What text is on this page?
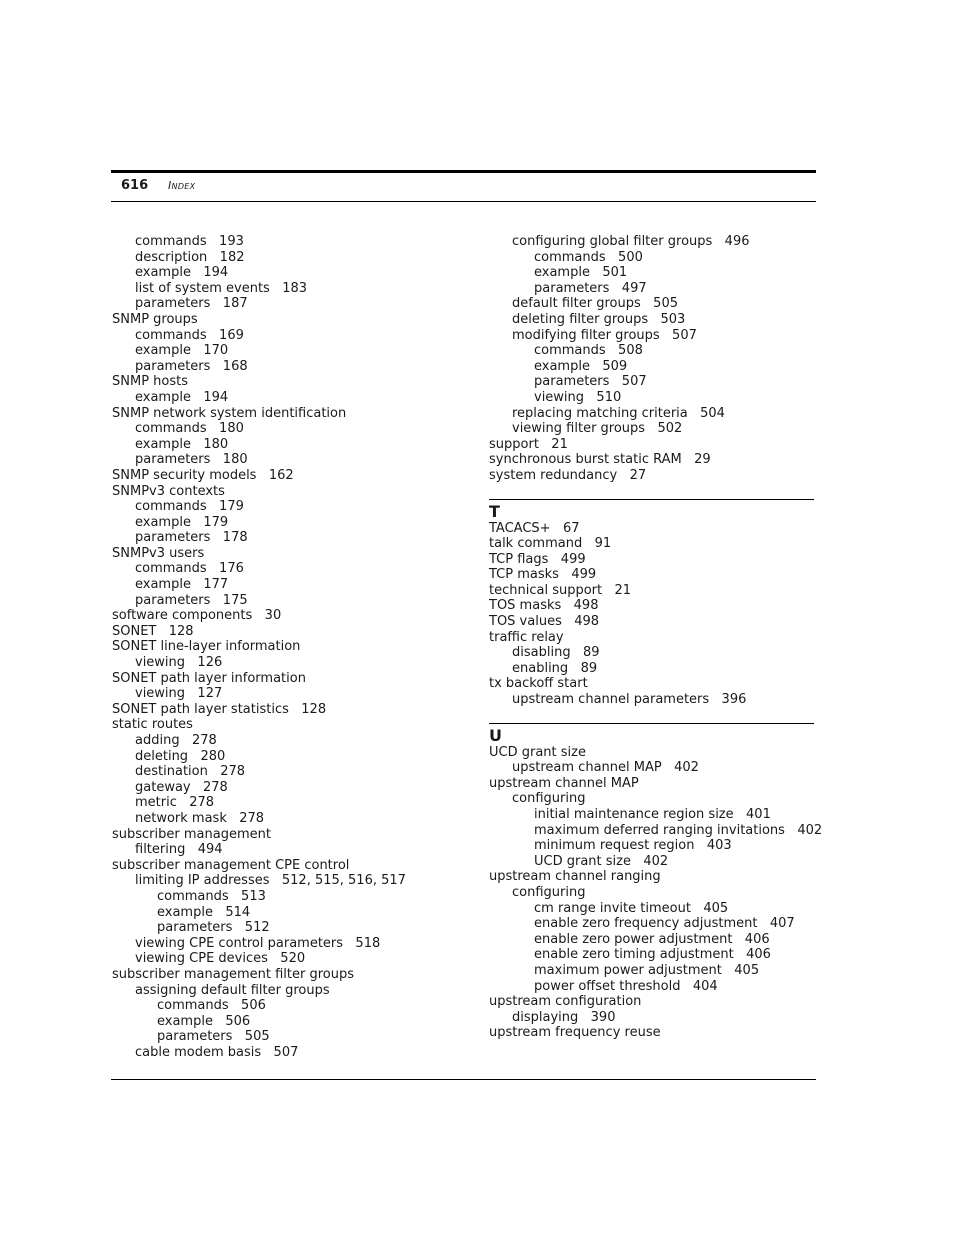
616 Index
commands   193
description   182
example   194
list of system events   183
parameters   187
SNMP groups
commands   169
example   170
parameters   168
SNMP hosts
example   194
SNMP network system identification
commands   180
example   180
parameters   180
SNMP security models   162
SNMPv3 contexts
commands   179
example   179
parameters   178
SNMPv3 users
commands   176
example   177
parameters   175
software components   30
SONET   128
SONET line-layer information
viewing   126
SONET path layer information
viewing   127
SONET path layer statistics   128
static routes
adding   278
deleting   280
destination   278
gateway   278
metric   278
network mask   278
subscriber management
filtering   494
subscriber management CPE control
limiting IP addresses   512, 515, 516, 517
commands   513
example   514
parameters   512
viewing CPE control parameters   518
viewing CPE devices   520
subscriber management filter groups
assigning default filter groups
commands   506
example   506
parameters   505
cable modem basis   507
configuring global filter groups   496
commands   500
example   501
parameters   497
default filter groups   505
deleting filter groups   503
modifying filter groups   507
commands   508
example   509
parameters   507
viewing   510
replacing matching criteria   504
viewing filter groups   502
support   21
synchronous burst static RAM   29
system redundancy   27
T
TACACS+   67
talk command   91
TCP flags   499
TCP masks   499
technical support   21
TOS masks   498
TOS values   498
traffic relay
disabling   89
enabling   89
tx backoff start
upstream channel parameters   396
U
UCD grant size
upstream channel MAP   402
upstream channel MAP
configuring
initial maintenance region size   401
maximum deferred ranging invitations   402
minimum request region   403
UCD grant size   402
upstream channel ranging
configuring
cm range invite timeout   405
enable zero frequency adjustment   407
enable zero power adjustment   406
enable zero timing adjustment   406
maximum power adjustment   405
power offset threshold   404
upstream configuration
displaying   390
upstream frequency reuse
